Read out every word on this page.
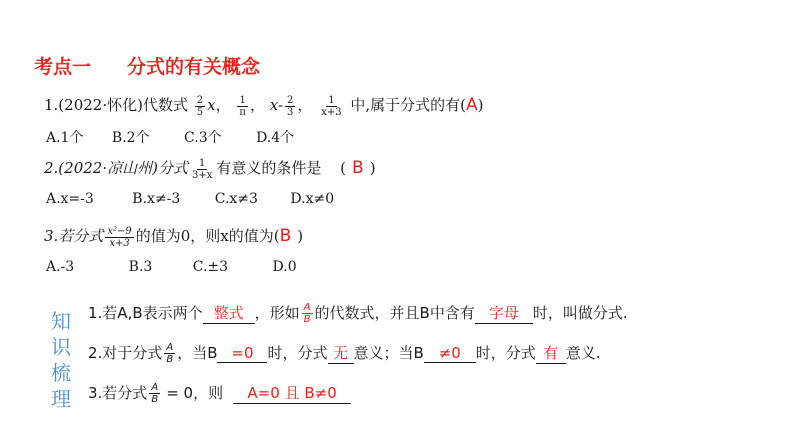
考点一 分式的有关概念
1.(2022·怀化)代数式 $\frac{2}{5}$ x， $\frac{1}{\pi}$ ， $x- \frac{2}{3}$ ， $\frac{1}{x+3}$ 中,属于分式的有(A)
A.1个 B.2个 C.3个 D.4个
2.(2022·凉山州)分式 $\frac{1}{3+x}$ 有意义的条件是 ( B )
A.x=-3	B.x≠-3 C.x≠3 D.x≠0
3.若分式 $\frac{\text{x²−9}}{x+3}$ 的值为0，则x的值为(B )
A.-3	B.3	C.±3	D.0
知
识
梳
理
1.若A,B表示两个 整式 ，形如 $\frac{A}{B}$ 的代数式，并且B中含有 字母 时，叫做分式.
2.对于分式 $\frac{A}{B}$ ，当B =0 时，分式 无 意义；当B ≠0 时，分式 有 意义.
3.若分式 $\frac{A}{B} = 0$，则 A=0 且 B≠0
